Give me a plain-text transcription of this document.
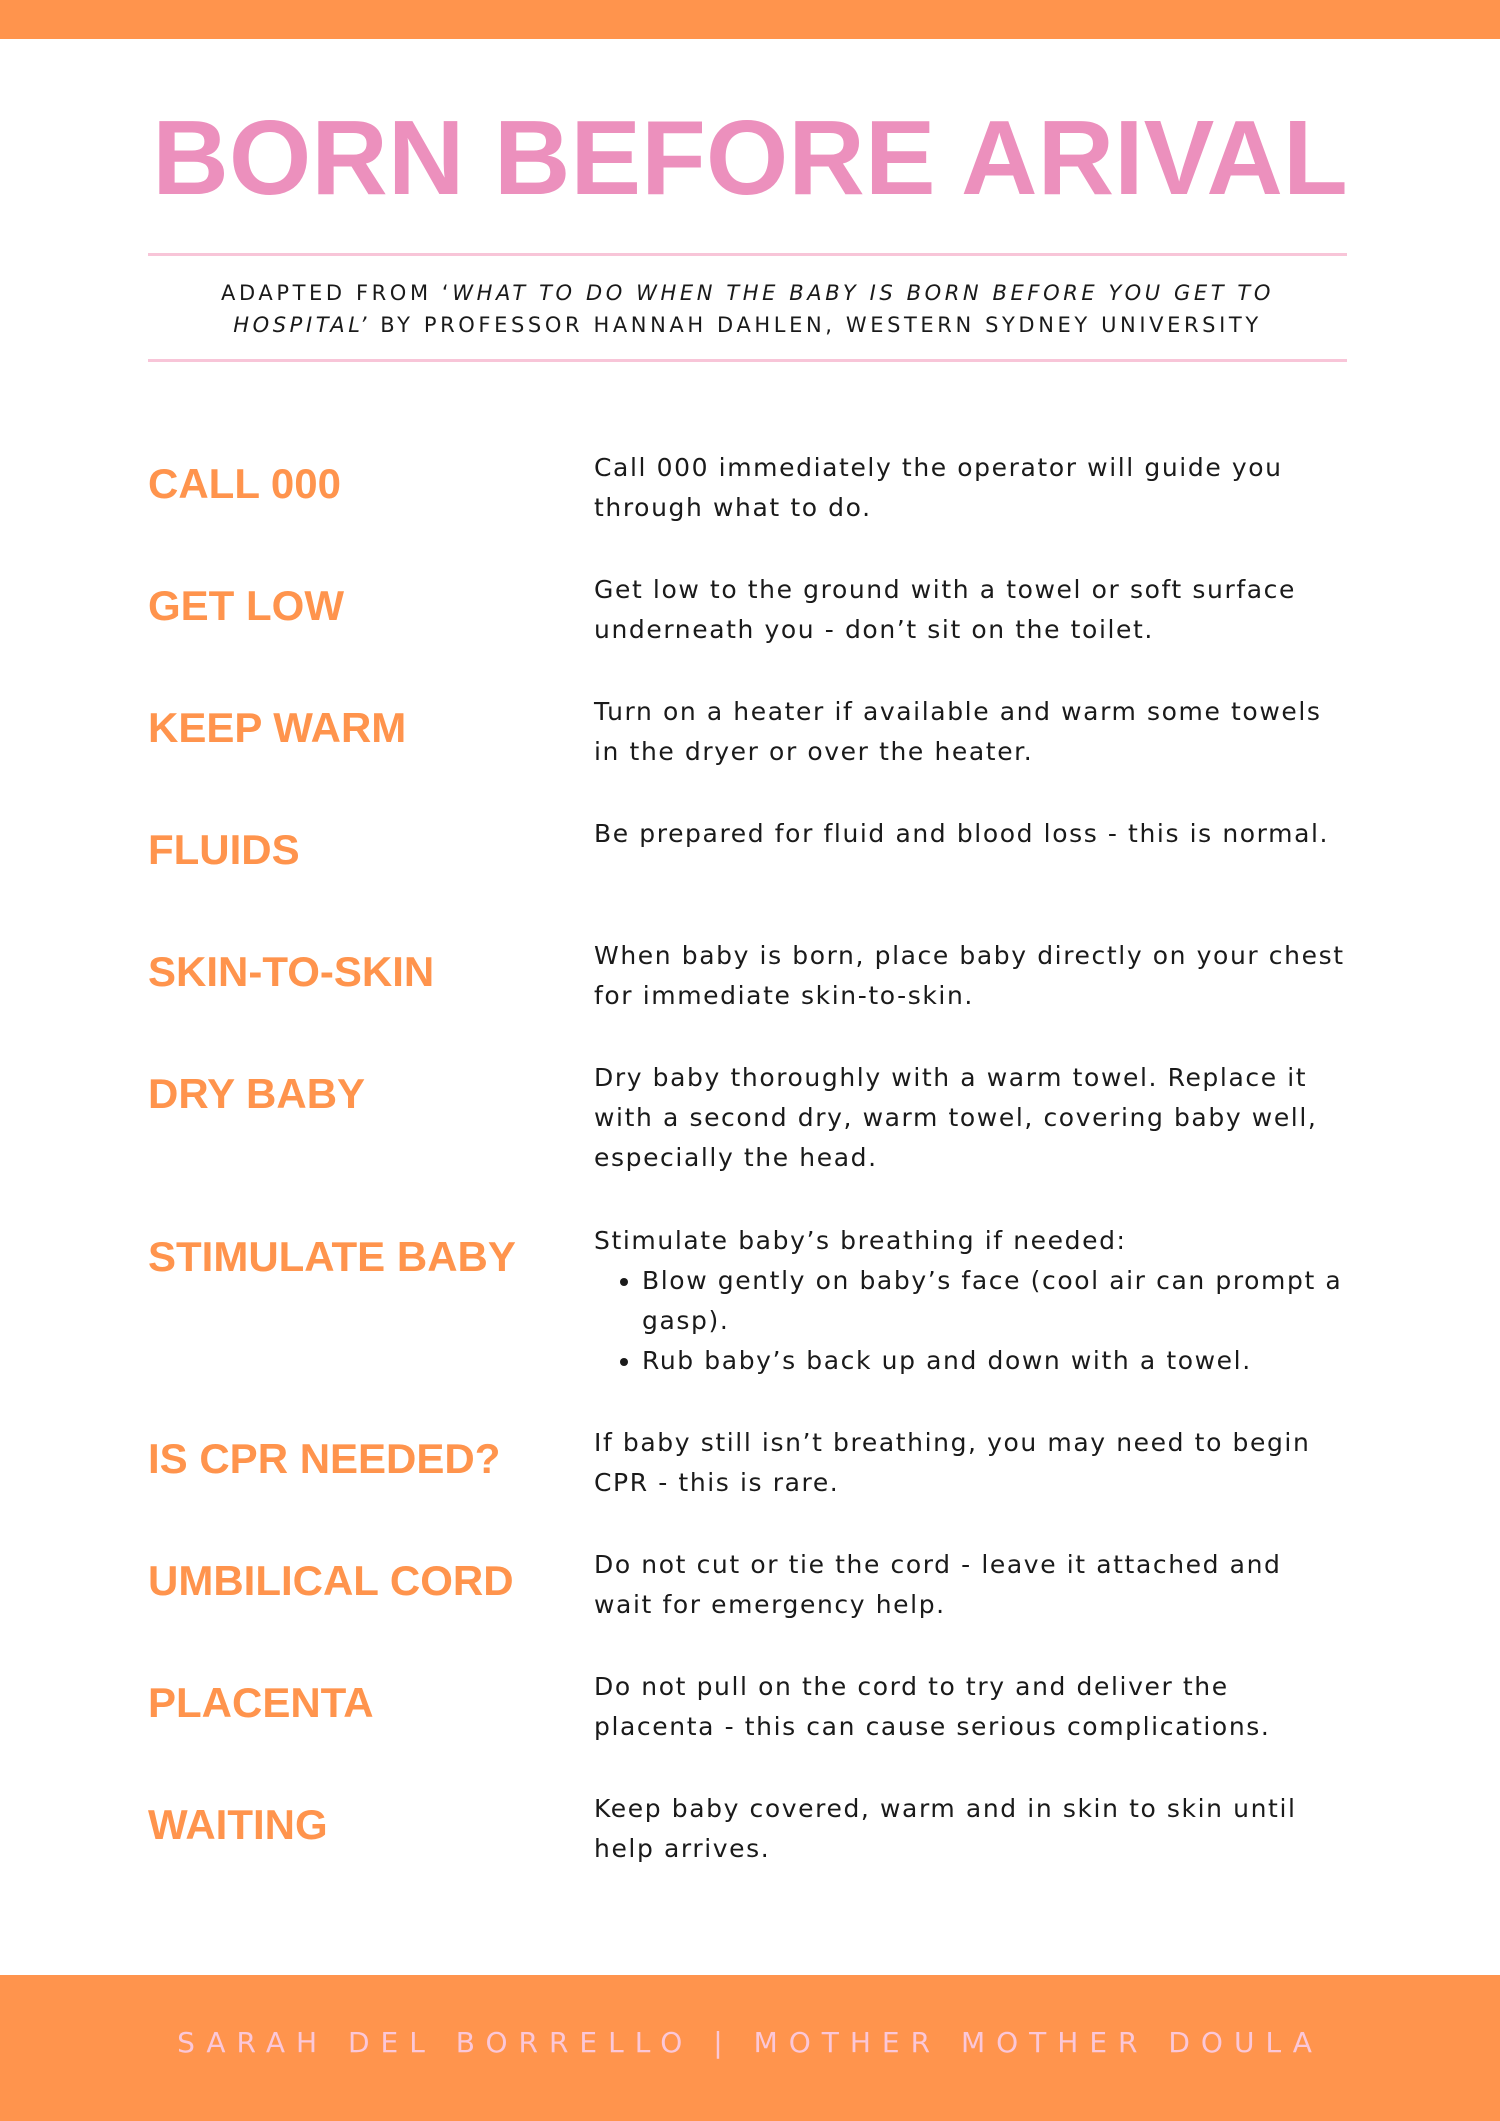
BORN BEFORE ARIVAL

ADAPTED FROM ‘WHAT TO DO WHEN THE BABY IS BORN BEFORE YOU GET TO HOSPITAL’ BY PROFESSOR HANNAH DAHLEN, WESTERN SYDNEY UNIVERSITY

CALL 000	Call 000 immediately the operator will guide you through what to do.

GET LOW	Get low to the ground with a towel or soft surface underneath you - don’t sit on the toilet.

KEEP WARM	Turn on a heater if available and warm some towels in the dryer or over the heater.

FLUIDS	Be prepared for fluid and blood loss - this is normal.

SKIN-TO-SKIN	When baby is born, place baby directly on your chest for immediate skin-to-skin.

DRY BABY	Dry baby thoroughly with a warm towel. Replace it with a second dry, warm towel, covering baby well, especially the head.

STIMULATE BABY	Stimulate baby’s breathing if needed:

• Blow gently on baby’s face (cool air can prompt a gasp).
• Rub baby’s back up and down with a towel.
IS CPR NEEDED?	If baby still isn’t breathing, you may need to begin CPR - this is rare.

UMBILICAL CORD	Do not cut or tie the cord - leave it attached and wait for emergency help.

PLACENTA	Do not pull on the cord to try and deliver the placenta - this can cause serious complications.

WAITING	Keep baby covered, warm and in skin to skin until help arrives.

SARAH DEL BORRELLO | MOTHER MOTHER DOULA
